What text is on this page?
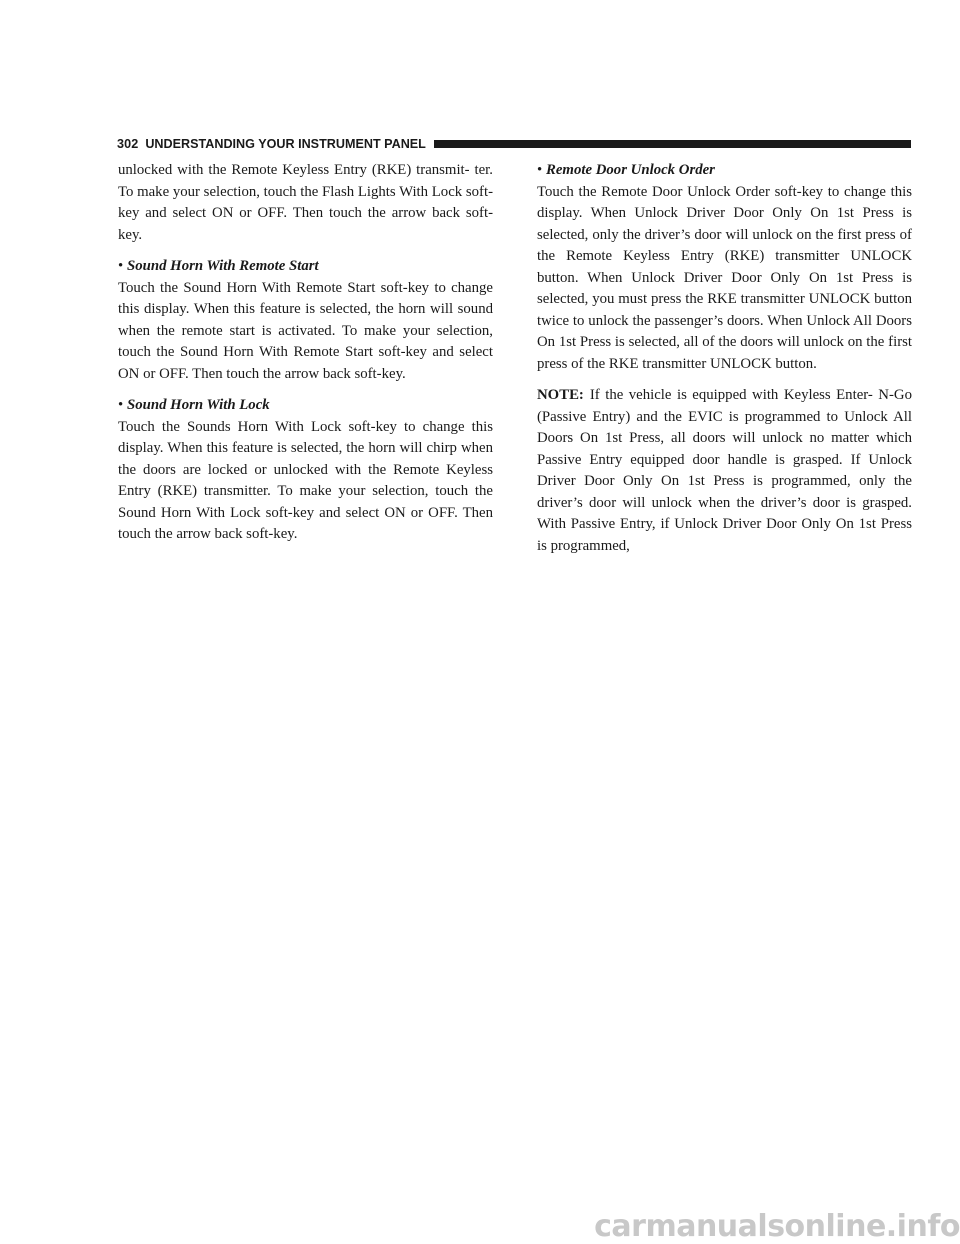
302 UNDERSTANDING YOUR INSTRUMENT PANEL

unlocked with the Remote Keyless Entry (RKE) transmit- ter. To make your selection, touch the Flash Lights With Lock soft-key and select ON or OFF. Then touch the arrow back soft-key.

• Sound Horn With Remote Start

Touch the Sound Horn With Remote Start soft-key to change this display. When this feature is selected, the horn will sound when the remote start is activated. To make your selection, touch the Sound Horn With Remote Start soft-key and select ON or OFF. Then touch the arrow back soft-key.

• Sound Horn With Lock

Touch the Sounds Horn With Lock soft-key to change this display. When this feature is selected, the horn will chirp when the doors are locked or unlocked with the Remote Keyless Entry (RKE) transmitter. To make your selection, touch the Sound Horn With Lock soft-key and select ON or OFF. Then touch the arrow back soft-key.

• Remote Door Unlock Order

Touch the Remote Door Unlock Order soft-key to change this display. When Unlock Driver Door Only On 1st Press is selected, only the driver’s door will unlock on the first press of the Remote Keyless Entry (RKE) transmitter UNLOCK button. When Unlock Driver Door Only On 1st Press is selected, you must press the RKE transmitter UNLOCK button twice to unlock the passenger’s doors. When Unlock All Doors On 1st Press is selected, all of the doors will unlock on the first press of the RKE transmitter UNLOCK button.

NOTE: If the vehicle is equipped with Keyless Enter- N-Go (Passive Entry) and the EVIC is programmed to Unlock All Doors On 1st Press, all doors will unlock no matter which Passive Entry equipped door handle is grasped. If Unlock Driver Door Only On 1st Press is programmed, only the driver’s door will unlock when the driver’s door is grasped. With Passive Entry, if Unlock Driver Door Only On 1st Press is programmed,

carmanualsonline.info
